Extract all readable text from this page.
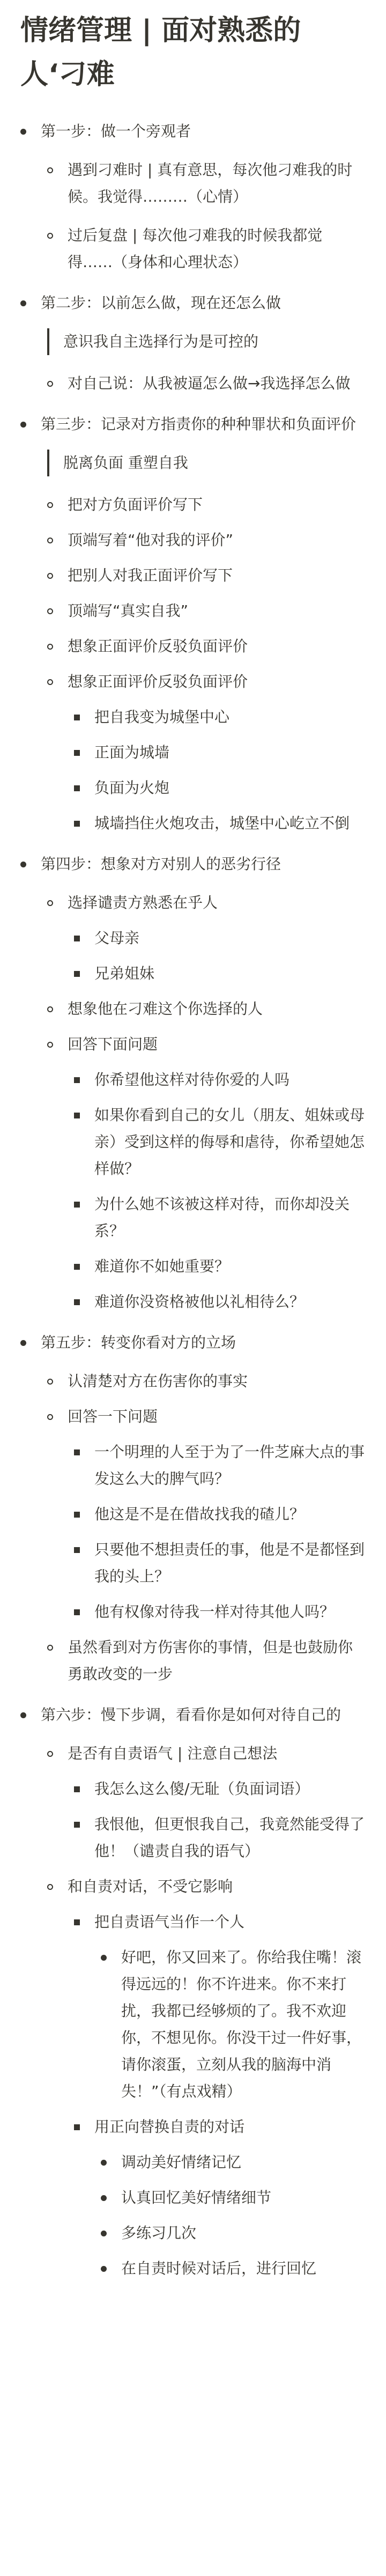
情绪管理 | 面对熟悉的人‘刁难
第一步：做一个旁观者
遇到刁难时 | 真有意思，每次他刁难我的时候。我觉得………（心情）
过后复盘 | 每次他刁难我的时候我都觉得……（身体和心理状态）
第二步：以前怎么做，现在还怎么做
意识我自主选择行为是可控的
对自己说：从我被逼怎么做→我选择怎么做
第三步：记录对方指责你的种种罪状和负面评价
脱离负面 重塑自我
把对方负面评价写下
顶端写着“他对我的评价”
把别人对我正面评价写下
顶端写“真实自我”
想象正面评价反驳负面评价
想象正面评价反驳负面评价
把自我变为城堡中心
正面为城墙
负面为火炮
城墙挡住火炮攻击，城堡中心屹立不倒
第四步：想象对方对别人的恶劣行径
选择谴责方熟悉在乎人
父母亲
兄弟姐妹
想象他在刁难这个你选择的人
回答下面问题
你希望他这样对待你爱的人吗
如果你看到自己的女儿（朋友、姐妹或母亲）受到这样的侮辱和虐待，你希望她怎样做？
为什么她不该被这样对待，而你却没关系？
难道你不如她重要？
难道你没资格被他以礼相待么？
第五步：转变你看对方的立场
认清楚对方在伤害你的事实
回答一下问题
一个明理的人至于为了一件芝麻大点的事发这么大的脾气吗？
他这是不是在借故找我的碴儿？
只要他不想担责任的事，他是不是都怪到我的头上？
他有权像对待我一样对待其他人吗？
虽然看到对方伤害你的事情，但是也鼓励你勇敢改变的一步
第六步：慢下步调，看看你是如何对待自己的
是否有自责语气 | 注意自己想法
我怎么这么傻/无耻（负面词语）
我恨他，但更恨我自己，我竟然能受得了他！（谴责自我的语气）
和自责对话，不受它影响
把自责语气当作一个人
好吧，你又回来了。你给我住嘴！滚得远远的！你不许进来。你不来打扰，我都已经够烦的了。我不欢迎你，不想见你。你没干过一件好事，请你滚蛋，立刻从我的脑海中消失！”（有点戏精）
用正向替换自责的对话
调动美好情绪记忆
认真回忆美好情绪细节
多练习几次
在自责时候对话后，进行回忆
